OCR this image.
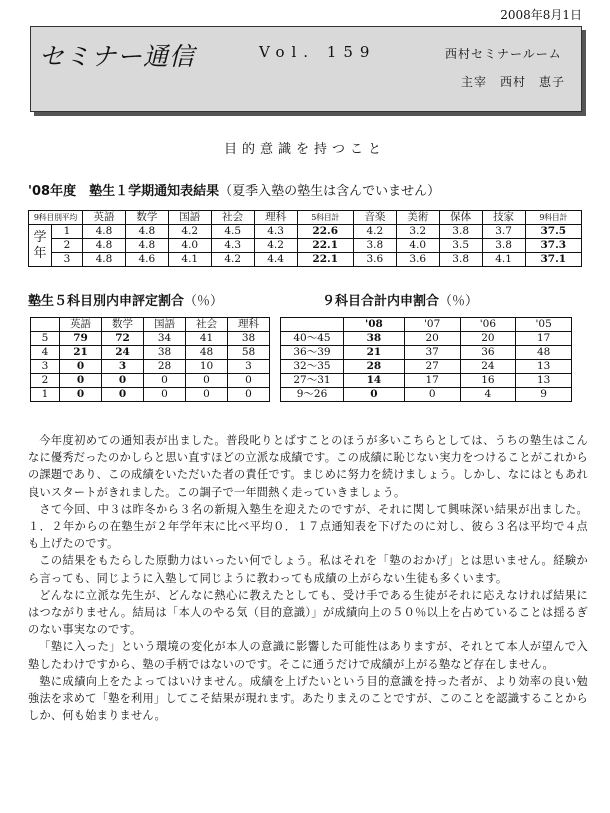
2008年8月1日
セミナー通信	Vol. 159	西村セミナールーム
主宰　西村　恵子
目的意識を持つこと
'08年度　塾生１学期通知表結果（夏季入塾の塾生は含んでいません）
9科目別平均		英語	数学	国語	社会	理科	5科目計	音楽	美術	保体	技家	9科目計
学
年	1	4.8	4.8	4.2	4.5	4.3	22.6	4.2	3.2	3.8	3.7	37.5
	2	4.8	4.8	4.0	4.3	4.2	22.1	3.8	4.0	3.5	3.8	37.3
	3	4.8	4.6	4.1	4.2	4.4	22.1	3.6	3.6	3.8	4.1	37.1
塾生５科目別内申評定割合（％）	９科目合計内申割合（％）
	英語	数学	国語	社会	理科
5	79	72	34	41	38
4	21	24	38	48	58
3	0	3	28	10	3
2	0	0	0	0	0
1	0	0	0	0	0
	'08	'07	'06	'05
40～45	38	20	20	17
36～39	21	37	36	48
32～35	28	27	24	13
27～31	14	17	16	13
9～26	0	0	4	9

今年度初めての通知表が出ました。普段叱りとばすことのほうが多いこちらとしては、うちの塾生はこんなに優秀だったのかしらと思い直すほどの立派な成績です。この成績に恥じない実力をつけることがこれからの課題であり、この成績をいただいた者の責任です。まじめに努力を続けましょう。しかし、なにはともあれ良いスタートがきれました。この調子で一年間熱く走っていきましょう。

さて今回、中３は昨冬から３名の新規入塾生を迎えたのですが、それに関して興味深い結果が出ました。１．２年からの在塾生が２年学年末に比べ平均０．１７点通知表を下げたのに対し、彼ら３名は平均で４点も上げたのです。

この結果をもたらした原動力はいったい何でしょう。私はそれを「塾のおかげ」とは思いません。経験から言っても、同じように入塾して同じように教わっても成績の上がらない生徒も多くいます。

どんなに立派な先生が、どんなに熱心に教えたとしても、受け手である生徒がそれに応えなければ結果にはつながりません。結局は「本人のやる気（目的意識）」が成績向上の５０％以上を占めていることは揺るぎのない事実なのです。

「塾に入った」という環境の変化が本人の意識に影響した可能性はありますが、それとて本人が望んで入塾したわけですから、塾の手柄ではないのです。そこに通うだけで成績が上がる塾など存在しません。

塾に成績向上をたよってはいけません。成績を上げたいという目的意識を持った者が、より効率の良い勉強法を求めて「塾を利用」してこそ結果が現れます。あたりまえのことですが、このことを認識することからしか、何も始まりません。
